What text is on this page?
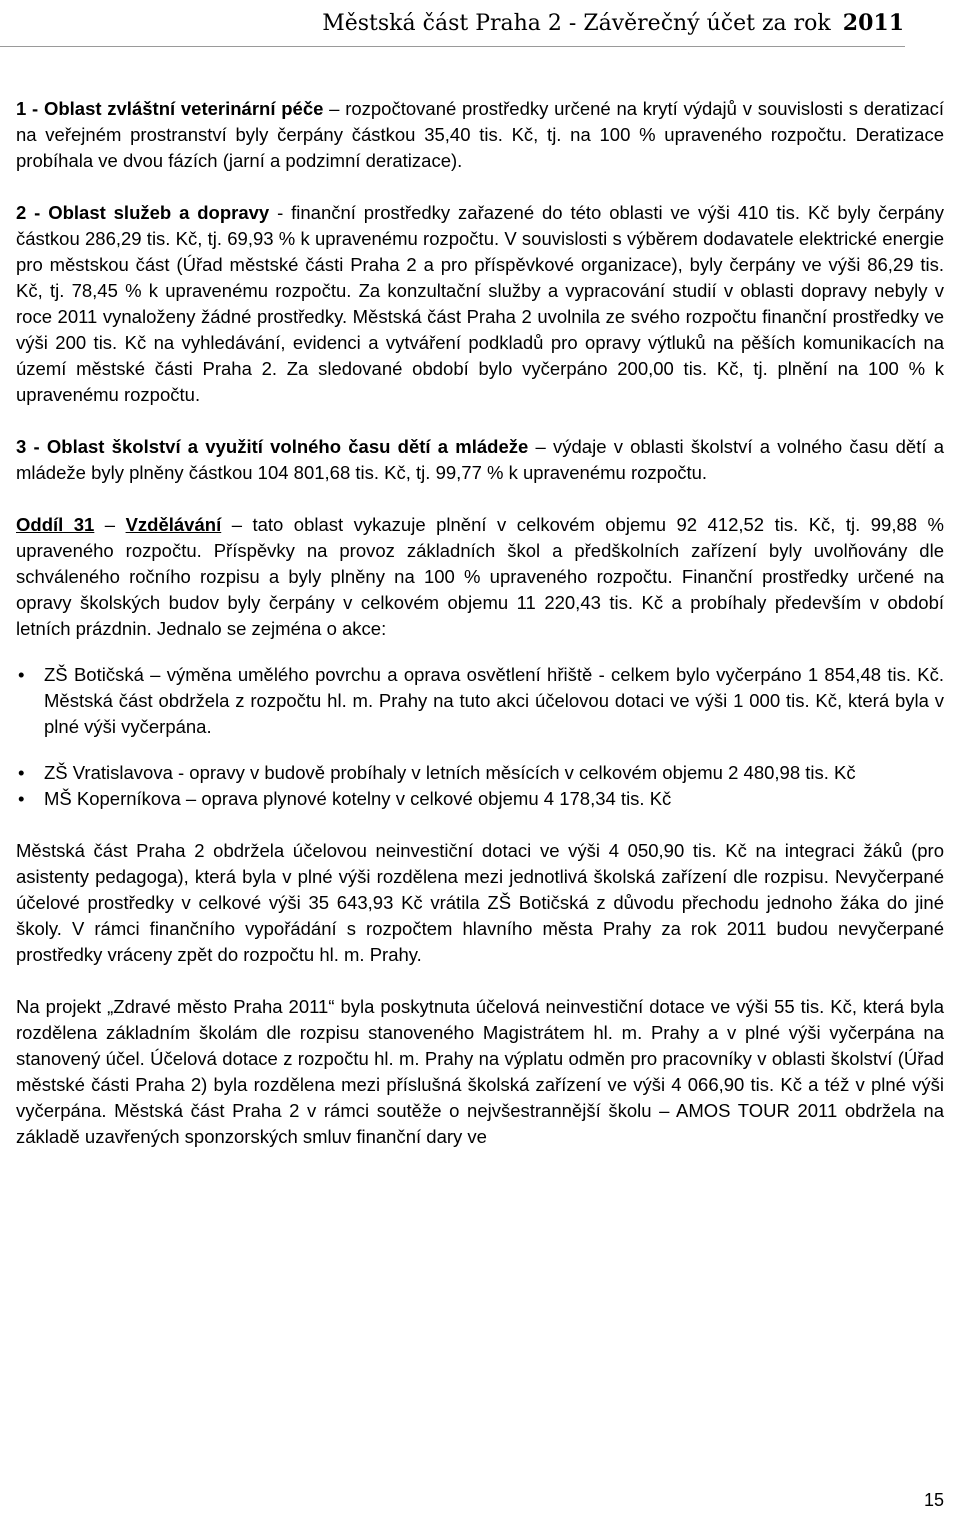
Městská část Praha 2 - Závěrečný účet za rok 2011

1 - Oblast zvláštní veterinární péče – rozpočtované prostředky určené na krytí výdajů v souvislosti s deratizací na veřejném prostranství byly čerpány částkou 35,40 tis. Kč, tj. na 100 % upraveného rozpočtu. Deratizace probíhala ve dvou fázích (jarní a podzimní deratizace).

2 - Oblast služeb a dopravy - finanční prostředky zařazené do této oblasti ve výši 410 tis. Kč byly čerpány částkou 286,29 tis. Kč, tj. 69,93 % k upravenému rozpočtu. V souvislosti s výběrem dodavatele elektrické energie pro městskou část (Úřad městské části Praha 2 a pro příspěvkové organizace), byly čerpány ve výši 86,29 tis. Kč, tj. 78,45 % k upravenému rozpočtu. Za konzultační služby a vypracování studií v oblasti dopravy nebyly v roce 2011 vynaloženy žádné prostředky. Městská část Praha 2 uvolnila ze svého rozpočtu finanční prostředky ve výši 200 tis. Kč na vyhledávání, evidenci a vytváření podkladů pro opravy výtluků na pěších komunikacích na území městské části Praha 2. Za sledované období bylo vyčerpáno 200,00 tis. Kč, tj. plnění na 100 % k upravenému rozpočtu.

3 - Oblast školství a využití volného času dětí a mládeže – výdaje v oblasti školství a volného času dětí a mládeže byly plněny částkou 104 801,68 tis. Kč, tj. 99,77 % k upravenému rozpočtu.

Oddíl 31 – Vzdělávání – tato oblast vykazuje plnění v celkovém objemu 92 412,52 tis. Kč, tj. 99,88 % upraveného rozpočtu. Příspěvky na provoz základních škol a předškolních zařízení byly uvolňovány dle schváleného ročního rozpisu a byly plněny na 100 % upraveného rozpočtu. Finanční prostředky určené na opravy školských budov byly čerpány v celkovém objemu 11 220,43 tis. Kč a probíhaly především v období letních prázdnin. Jednalo se zejména o akce:

• ZŠ Botičská – výměna umělého povrchu a oprava osvětlení hřiště - celkem bylo vyčerpáno 1 854,48 tis. Kč. Městská část obdržela z rozpočtu hl. m. Prahy na tuto akci účelovou dotaci ve výši 1 000 tis. Kč, která byla v plné výši vyčerpána.
• ZŠ Vratislavova - opravy v budově probíhaly v letních měsících v celkovém objemu 2 480,98 tis. Kč
• MŠ Koperníkova – oprava plynové kotelny v celkové objemu 4 178,34 tis. Kč

Městská část Praha 2 obdržela účelovou neinvestiční dotaci ve výši 4 050,90 tis. Kč na integraci žáků (pro asistenty pedagoga), která byla v plné výši rozdělena mezi jednotlivá školská zařízení dle rozpisu. Nevyčerpané účelové prostředky v celkové výši 35 643,93 Kč vrátila ZŠ Botičská z důvodu přechodu jednoho žáka do jiné školy. V rámci finančního vypořádání s rozpočtem hlavního města Prahy za rok 2011 budou nevyčerpané prostředky vráceny zpět do rozpočtu hl. m. Prahy.

Na projekt „Zdravé město Praha 2011“ byla poskytnuta účelová neinvestiční dotace ve výši 55 tis. Kč, která byla rozdělena základním školám dle rozpisu stanoveného Magistrátem hl. m. Prahy a v plné výši vyčerpána na stanovený účel. Účelová dotace z rozpočtu hl. m. Prahy na výplatu odměn pro pracovníky v oblasti školství (Úřad městské části Praha 2) byla rozdělena mezi příslušná školská zařízení ve výši 4 066,90 tis. Kč a též v plné výši vyčerpána. Městská část Praha 2 v rámci soutěže o nejvšestrannější školu – AMOS TOUR 2011 obdržela na základě uzavřených sponzorských smluv finanční dary ve

15
